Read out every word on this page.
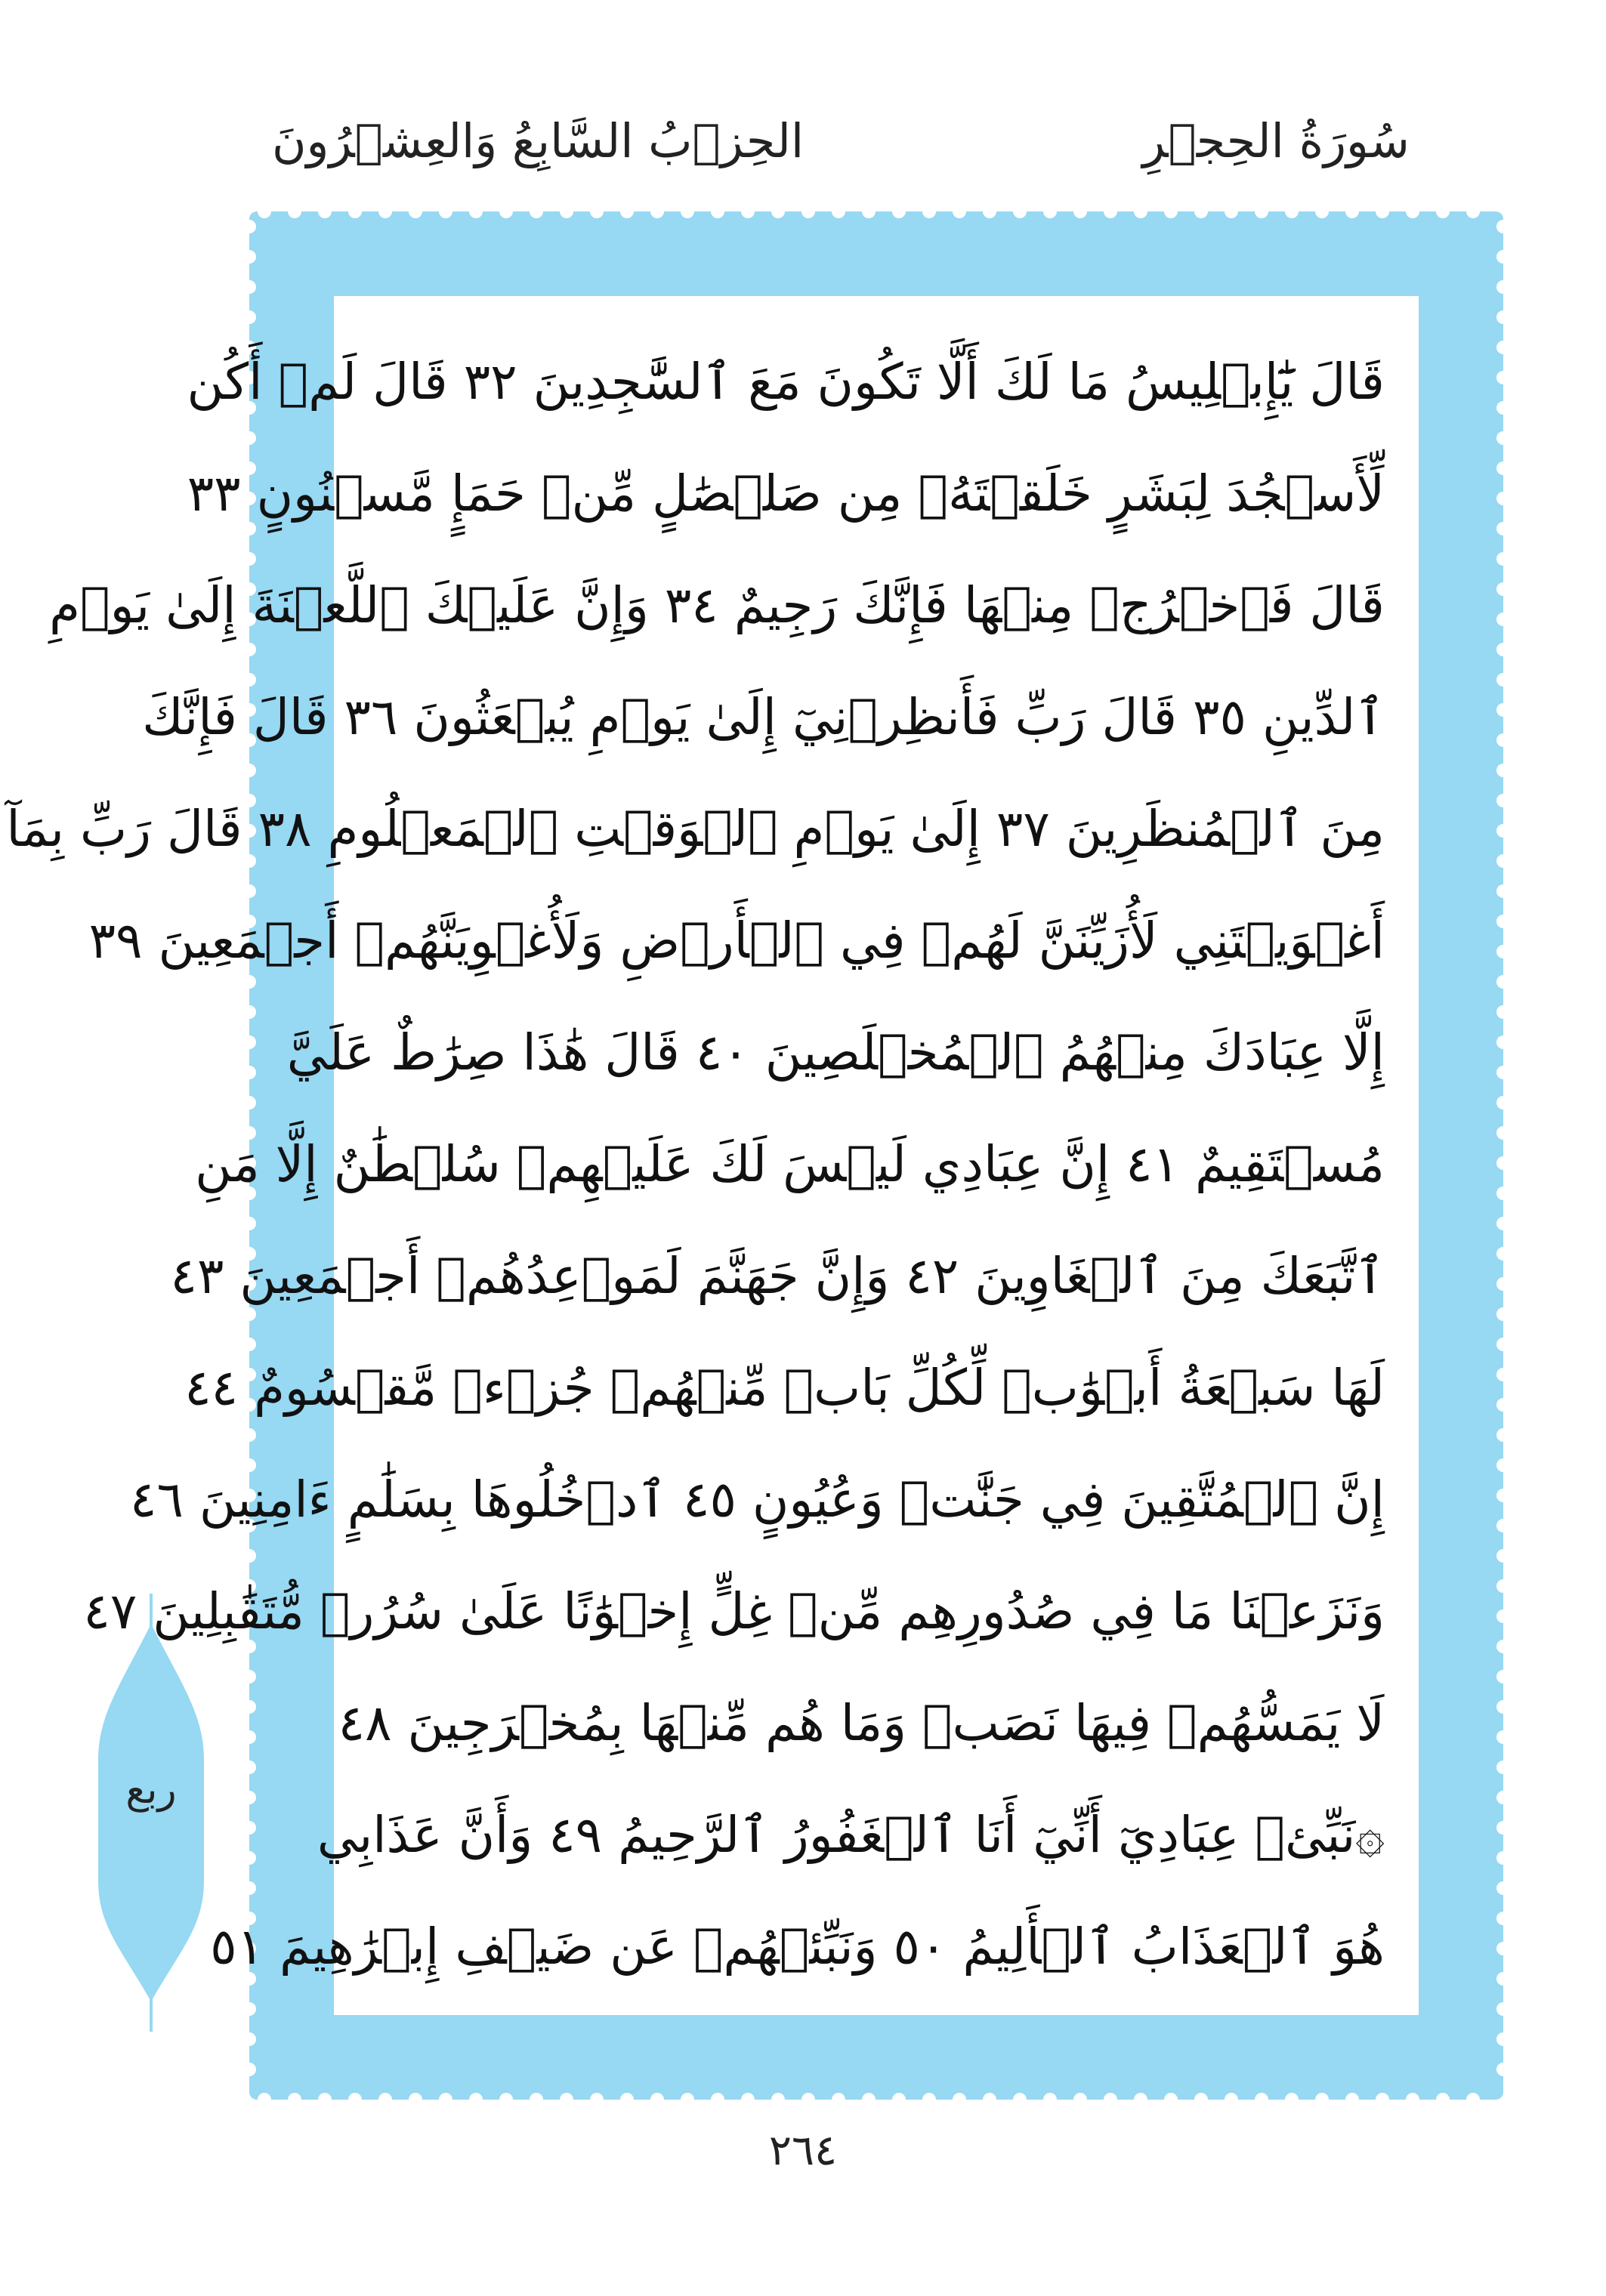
الحِزۡبُ السَّابِعُ وَالعِشۡرُونَ	سُورَةُ الحِجۡرِ
قَالَ يَٰٓإِبۡلِيسُ مَا لَكَ أَلَّا تَكُونَ مَعَ ٱلسَّٰجِدِينَ ٣٢ قَالَ لَمۡ أَكُن
لِّأَسۡجُدَ لِبَشَرٍ خَلَقۡتَهُۥ مِن صَلۡصَٰلٍ مِّنۡ حَمَإٍ مَّسۡنُونٍ ٣٣
قَالَ فَٱخۡرُجۡ مِنۡهَا فَإِنَّكَ رَجِيمٌ ٣٤ وَإِنَّ عَلَيۡكَ ٱللَّعۡنَةَ إِلَىٰ يَوۡمِ
ٱلدِّينِ ٣٥ قَالَ رَبِّ فَأَنظِرۡنِيٓ إِلَىٰ يَوۡمِ يُبۡعَثُونَ ٣٦ قَالَ فَإِنَّكَ
مِنَ ٱلۡمُنظَرِينَ ٣٧ إِلَىٰ يَوۡمِ ٱلۡوَقۡتِ ٱلۡمَعۡلُومِ ٣٨ قَالَ رَبِّ بِمَآ
أَغۡوَيۡتَنِي لَأُزَيِّنَنَّ لَهُمۡ فِي ٱلۡأَرۡضِ وَلَأُغۡوِيَنَّهُمۡ أَجۡمَعِينَ ٣٩
إِلَّا عِبَادَكَ مِنۡهُمُ ٱلۡمُخۡلَصِينَ ٤٠ قَالَ هَٰذَا صِرَٰطٌ عَلَيَّ
مُسۡتَقِيمٌ ٤١ إِنَّ عِبَادِي لَيۡسَ لَكَ عَلَيۡهِمۡ سُلۡطَٰنٌ إِلَّا مَنِ
ٱتَّبَعَكَ مِنَ ٱلۡغَاوِينَ ٤٢ وَإِنَّ جَهَنَّمَ لَمَوۡعِدُهُمۡ أَجۡمَعِينَ ٤٣
لَهَا سَبۡعَةُ أَبۡوَٰبٖ لِّكُلِّ بَابٖ مِّنۡهُمۡ جُزۡءٞ مَّقۡسُومٌ ٤٤
إِنَّ ٱلۡمُتَّقِينَ فِي جَنَّٰتٖ وَعُيُونٍ ٤٥ ٱدۡخُلُوهَا بِسَلَٰمٍ ءَامِنِينَ ٤٦
وَنَزَعۡنَا مَا فِي صُدُورِهِم مِّنۡ غِلٍّ إِخۡوَٰنًا عَلَىٰ سُرُرٖ مُّتَقَٰبِلِينَ ٤٧
لَا يَمَسُّهُمۡ فِيهَا نَصَبٞ وَمَا هُم مِّنۡهَا بِمُخۡرَجِينَ ٤٨
۞نَبِّئۡ عِبَادِيٓ أَنِّيٓ أَنَا ٱلۡغَفُورُ ٱلرَّحِيمُ ٤٩ وَأَنَّ عَذَابِي
هُوَ ٱلۡعَذَابُ ٱلۡأَلِيمُ ٥٠ وَنَبِّئۡهُمۡ عَن ضَيۡفِ إِبۡرَٰهِيمَ ٥١
ربع
٢٦٤
